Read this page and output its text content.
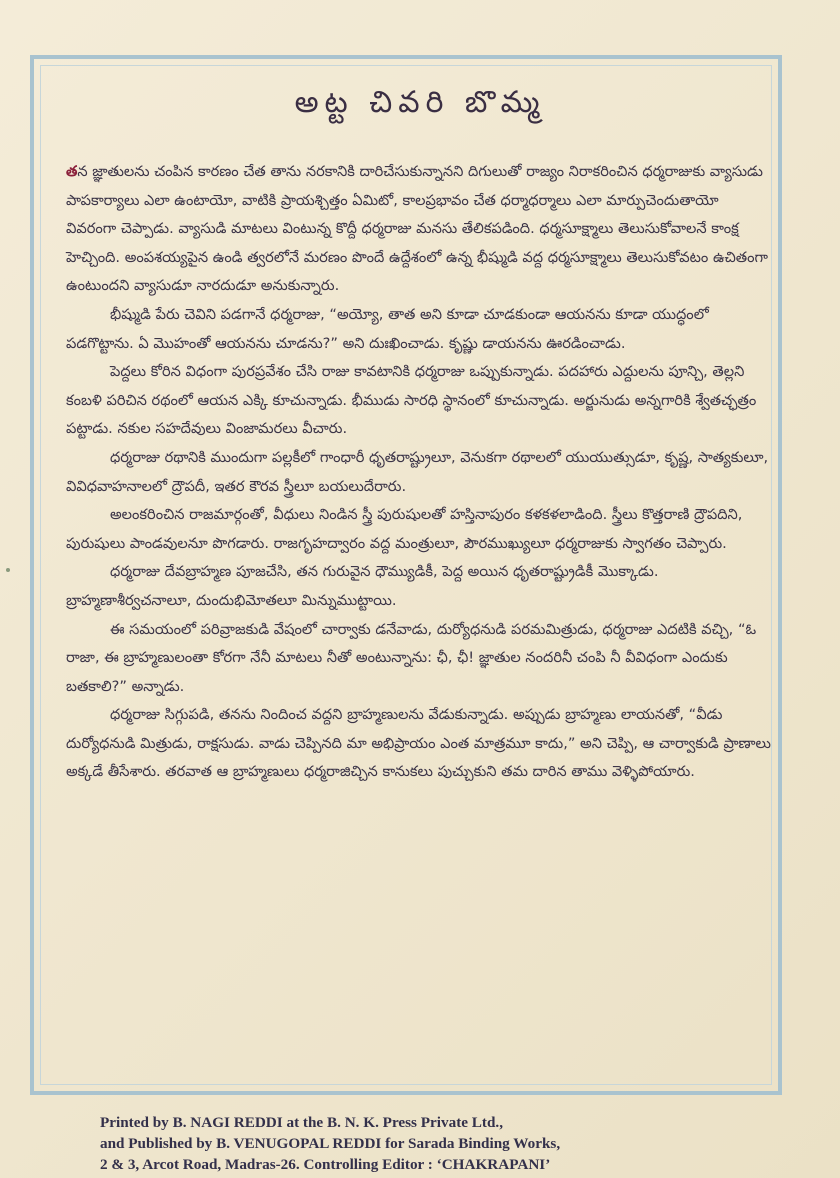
అట్ట చివరి బొమ్మ

తన జ్ఞాతులను చంపిన కారణం చేత తాను నరకానికి దారిచేసుకున్నానని దిగులుతో రాజ్యం నిరాకరించిన ధర్మరాజుకు వ్యాసుడు పాపకార్యాలు ఎలా ఉంటాయో, వాటికి ప్రాయశ్చిత్తం ఏమిటో, కాలప్రభావం చేత ధర్మాధర్మాలు ఎలా మార్పుచెందుతాయో వివరంగా చెప్పాడు. వ్యాసుడి మాటలు వింటున్న కొద్దీ ధర్మరాజు మనసు తేలికపడింది. ధర్మసూక్ష్మాలు తెలుసుకోవాలనే కాంక్ష హెచ్చింది. అంపశయ్యపైన ఉండి త్వరలోనే మరణం పొందే ఉద్దేశంలో ఉన్న భీష్ముడి వద్ద ధర్మసూక్ష్మాలు తెలుసుకోవటం ఉచితంగా ఉంటుందని వ్యాసుడూ నారదుడూ అనుకున్నారు.

భీష్ముడి పేరు చెవిని పడగానే ధర్మరాజు, “అయ్యో, తాత అని కూడా చూడకుండా ఆయనను కూడా యుద్ధంలో పడగొట్టాను. ఏ మొహంతో ఆయనను చూడను?” అని దుఃఖించాడు. కృష్ణు డాయనను ఊరడించాడు.

పెద్దలు కోరిన విధంగా పురప్రవేశం చేసి రాజు కావటానికి ధర్మరాజు ఒప్పుకున్నాడు. పదహారు ఎద్దులను పూన్చి, తెల్లని కంబళి పరిచిన రథంలో ఆయన ఎక్కి కూచున్నాడు. భీముడు సారధి స్థానంలో కూచున్నాడు. అర్జునుడు అన్నగారికి శ్వేతచ్ఛత్రం పట్టాడు. నకుల సహదేవులు వింజామరలు వీచారు.

ధర్మరాజు రథానికి ముందుగా పల్లకీలో గాంధారీ ధృతరాష్ట్రులూ, వెనుకగా రథాలలో యుయుత్సుడూ, కృష్ణ, సాత్యకులూ, వివిధవాహనాలలో ద్రౌపదీ, ఇతర కౌరవ స్త్రీలూ బయలుదేరారు.

అలంకరించిన రాజమార్గంతో, వీధులు నిండిన స్త్రీ పురుషులతో హస్తినాపురం కళకళలాడింది. స్త్రీలు కొత్తరాణి ద్రౌపదిని, పురుషులు పాండవులనూ పొగడారు. రాజగృహద్వారం వద్ద మంత్రులూ, పౌరముఖ్యులూ ధర్మరాజుకు స్వాగతం చెప్పారు.

ధర్మరాజు దేవబ్రాహ్మణ పూజచేసి, తన గురువైన ధౌమ్యుడికీ, పెద్ద అయిన ధృతరాష్ట్రుడికీ మొక్కాడు. బ్రాహ్మణాశీర్వచనాలూ, దుందుభిమోతలూ మిన్నుముట్టాయి.

ఈ సమయంలో పరివ్రాజకుడి వేషంలో చార్వాకు డనేవాడు, దుర్యోధనుడి పరమమిత్రుడు, ధర్మరాజు ఎదటికి వచ్చి, “ఓ రాజా, ఈ బ్రాహ్మణులంతా కోరగా నేనీ మాటలు నీతో అంటున్నాను: ఛీ, ఛీ! జ్ఞాతుల నందరినీ చంపి నీ వీవిధంగా ఎందుకు బతకాలి?” అన్నాడు.

ధర్మరాజు సిగ్గుపడి, తనను నిందించ వద్దని బ్రాహ్మణులను వేడుకున్నాడు. అప్పుడు బ్రాహ్మణు లాయనతో, “వీడు దుర్యోధనుడి మిత్రుడు, రాక్షసుడు. వాడు చెప్పినది మా అభిప్రాయం ఎంత మాత్రమూ కాదు,” అని చెప్పి, ఆ చార్వాకుడి ప్రాణాలు అక్కడే తీసేశారు. తరవాత ఆ బ్రాహ్మణులు ధర్మరాజిచ్చిన కానుకలు పుచ్చుకుని తమ దారిన తాము వెళ్ళిపోయారు.

Printed by B. NAGI REDDI at the B. N. K. Press Private Ltd.,
and Published by B. VENUGOPAL REDDI for Sarada Binding Works,
2 & 3, Arcot Road, Madras-26. Controlling Editor : ‘CHAKRAPANI’
